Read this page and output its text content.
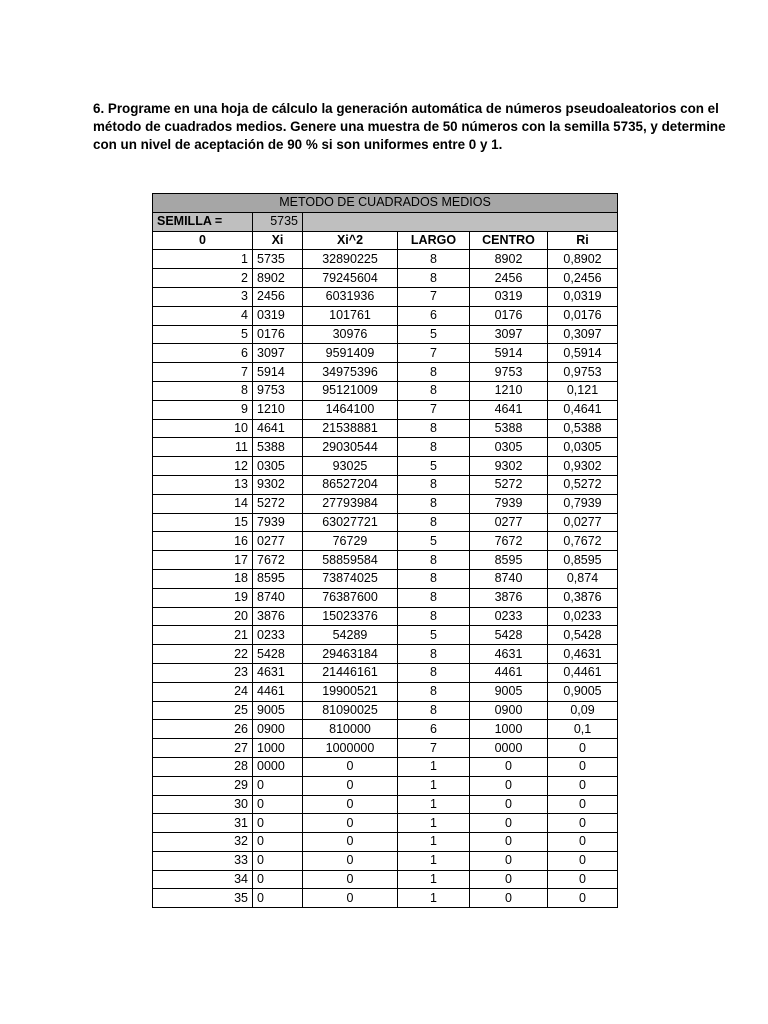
6. Programe en una hoja de cálculo la generación automática de números pseudoaleatorios con el
método de cuadrados medios. Genere una muestra de 50 números con la semilla 5735, y determine
con un nivel de aceptación de 90 % si son uniformes entre 0 y 1.

METODO DE CUADRADOS MEDIOS					
SEMILLA =	5735				
0	Xi	Xi^2	LARGO	CENTRO	Ri
1	5735	32890225	8	8902	0,8902
2	8902	79245604	8	2456	0,2456
3	2456	6031936	7	0319	0,0319
4	0319	101761	6	0176	0,0176
5	0176	30976	5	3097	0,3097
6	3097	9591409	7	5914	0,5914
7	5914	34975396	8	9753	0,9753
8	9753	95121009	8	1210	0,121
9	1210	1464100	7	4641	0,4641
10	4641	21538881	8	5388	0,5388
11	5388	29030544	8	0305	0,0305
12	0305	93025	5	9302	0,9302
13	9302	86527204	8	5272	0,5272
14	5272	27793984	8	7939	0,7939
15	7939	63027721	8	0277	0,0277
16	0277	76729	5	7672	0,7672
17	7672	58859584	8	8595	0,8595
18	8595	73874025	8	8740	0,874
19	8740	76387600	8	3876	0,3876
20	3876	15023376	8	0233	0,0233
21	0233	54289	5	5428	0,5428
22	5428	29463184	8	4631	0,4631
23	4631	21446161	8	4461	0,4461
24	4461	19900521	8	9005	0,9005
25	9005	81090025	8	0900	0,09
26	0900	810000	6	1000	0,1
27	1000	1000000	7	0000	0
28	0000	0	1	0	0
29	0	0	1	0	0
30	0	0	1	0	0
31	0	0	1	0	0
32	0	0	1	0	0
33	0	0	1	0	0
34	0	0	1	0	0
35	0	0	1	0	0
